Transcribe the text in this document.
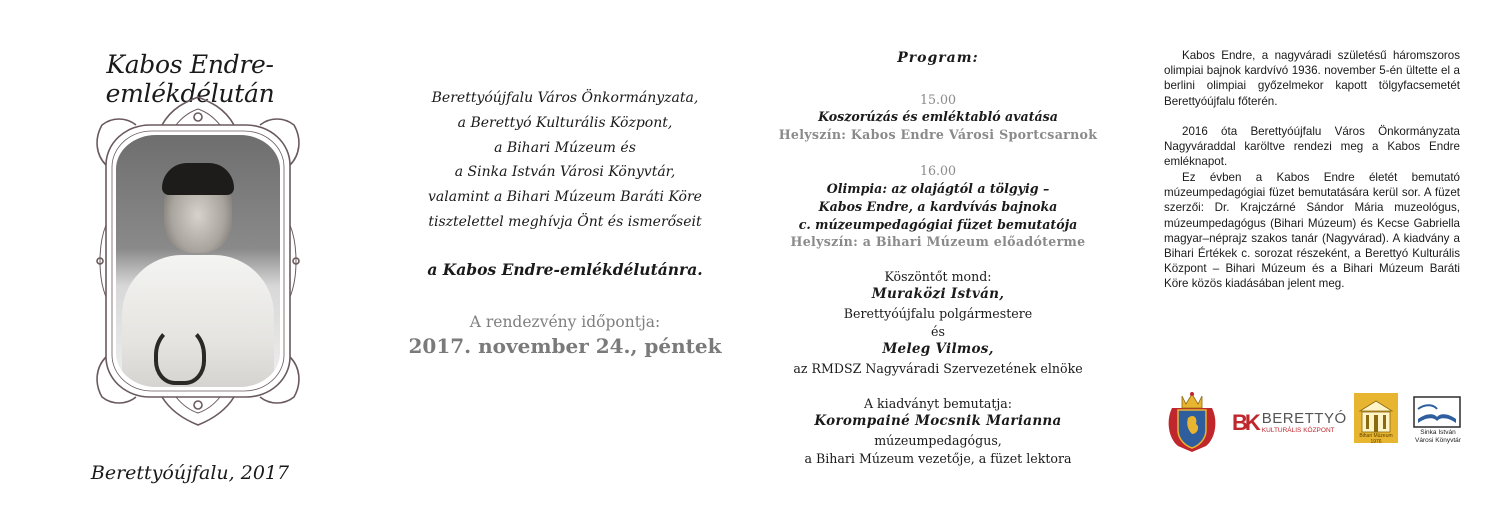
Kabos Endre-emlékdélután
Berettyóújfalu, 2017
Berettyóújfalu Város Önkormányzata,
a Berettyó Kulturális Központ,
a Bihari Múzeum és
a Sinka István Városi Könyvtár,
valamint a Bihari Múzeum Baráti Köre
tisztelettel meghívja Önt és ismerőseit
a Kabos Endre-emlékdélutánra.
A rendezvény időpontja:
2017. november 24., péntek
Program:
15.00
Koszorúzás és emléktabló avatása
Helyszín: Kabos Endre Városi Sportcsarnok
16.00
Olimpia: az olajágtól a tölgyig –
Kabos Endre, a kardvívás bajnoka
c. múzeumpedagógiai füzet bemutatója
Helyszín: a Bihari Múzeum előadóterme
Köszöntőt mond:
Muraközi István,
Berettyóújfalu polgármestere
és
Meleg Vilmos,
az RMDSZ Nagyváradi Szervezetének elnöke
A kiadványt bemutatja:
Korompainé Mocsnik Marianna
múzeumpedagógus,
a Bihari Múzeum vezetője, a füzet lektora

Kabos Endre, a nagyváradi születésű háromszoros olimpiai bajnok kardvívó 1936. november 5-én ültette el a berlini olimpiai győzelmekor kapott tölgyfacsemetét Berettyóújfalu főterén.

2016 óta Berettyóújfalu Város Önkormányzata Nagyváraddal karöltve rendezi meg a Kabos Endre emléknapot.

Ez évben a Kabos Endre életét bemutató múzeumpedagógiai füzet bemutatására kerül sor. A füzet szerzői: Dr. Krajczárné Sándor Mária muzeológus, múzeumpedagógus (Bihari Múzeum) és Kecse Gabriella magyar–néprajz szakos tanár (Nagyvárad). A kiadvány a Bihari Értékek c. sorozat részeként, a Berettyó Kulturális Központ – Bihari Múzeum és a Bihari Múzeum Baráti Köre közös kiadásában jelent meg.

BK BERETTYÓ
KULTURÁLIS KÖZPONT
Bihari Múzeum 1976
Sinka István
Városi Könyvtár
